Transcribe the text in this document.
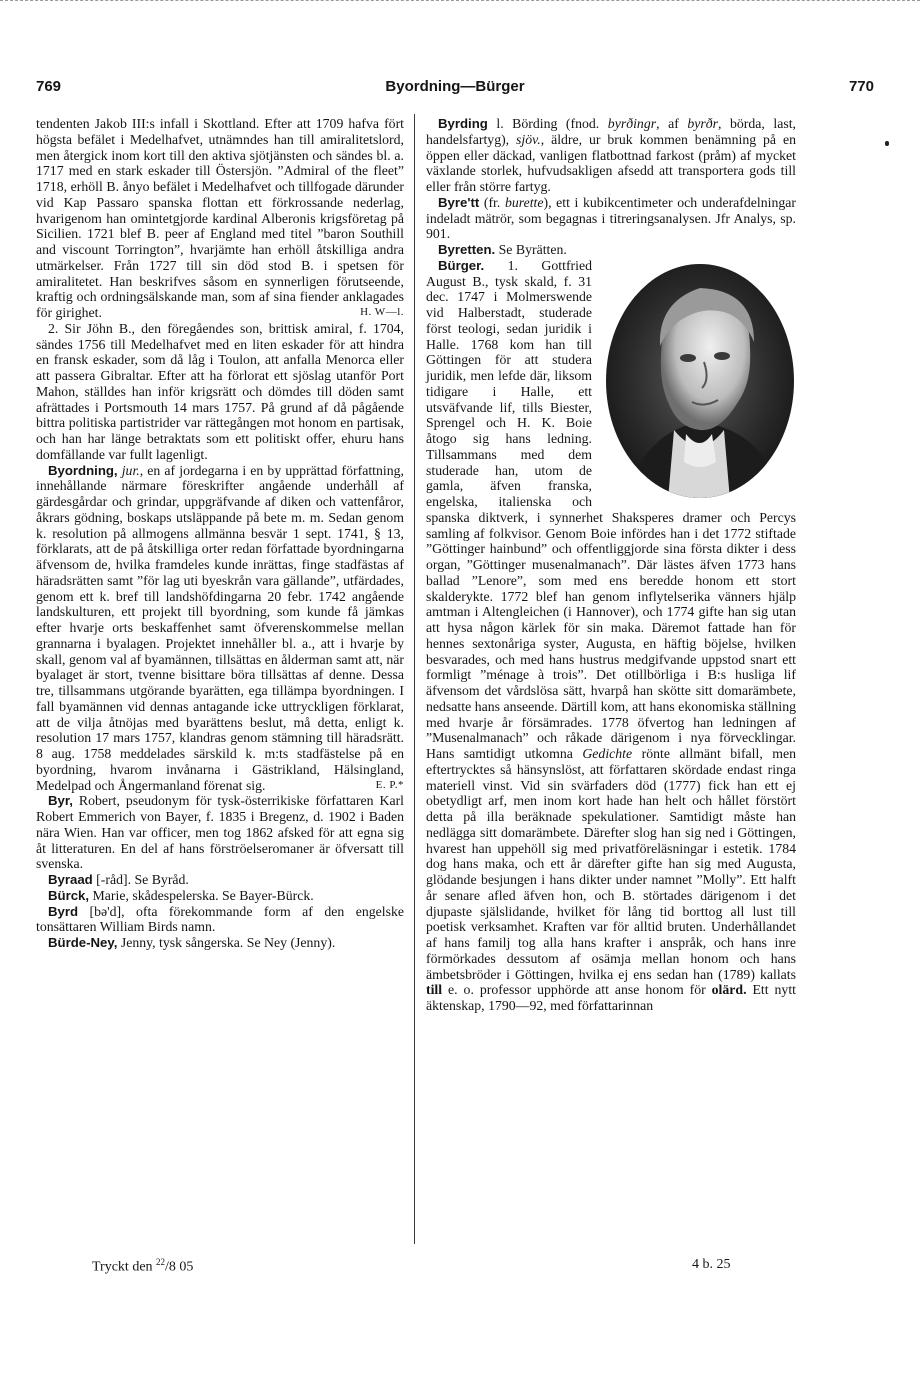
769	Byordning—Bürger	770

tendenten Jakob III:s infall i Skottland. Efter att 1709 hafva fört högsta befälet i Medelhafvet, utnämndes han till amiralitetslord, men återgick inom kort till den aktiva sjötjänsten och sändes bl. a. 1717 med en stark eskader till Östersjön. ”Admiral of the fleet” 1718, erhöll B. ånyo befälet i Medelhafvet och tillfogade därunder vid Kap Passaro spanska flottan ett förkrossande nederlag, hvarigenom han omintetgjorde kardinal Alberonis krigsföretag på Sicilien. 1721 blef B. peer af England med titel ”baron Southill and viscount Torrington”, hvarjämte han erhöll åtskilliga andra utmärkelser. Från 1727 till sin död stod B. i spetsen för amiralitetet. Han beskrifves såsom en synnerligen förutseende, kraftig och ordningsälskande man, som af sina fiender anklagades för girighet.	H. W—l.

2. Sir Jöhn B., den föregåendes son, brittisk amiral, f. 1704, sändes 1756 till Medelhafvet med en liten eskader för att hindra en fransk eskader, som då låg i Toulon, att anfalla Menorca eller att passera Gibraltar. Efter att ha förlorat ett sjöslag utanför Port Mahon, ställdes han inför krigsrätt och dömdes till döden samt afrättades i Portsmouth 14 mars 1757. På grund af då pågående bittra politiska partistrider var rättegången mot honom en partisak, och han har länge betraktats som ett politiskt offer, ehuru hans domfällande var fullt lagenligt.

Byordning, jur., en af jordegarna i en by upprättad författning, innehållande närmare föreskrifter angående underhåll af gärdesgårdar och grindar, uppgräfvande af diken och vattenfåror, åkrars gödning, boskaps utsläppande på bete m. m. Sedan genom k. resolution på allmogens allmänna besvär 1 sept. 1741, § 13, förklarats, att de på åtskilliga orter redan författade byordningarna äfvensom de, hvilka framdeles kunde inrättas, finge stadfästas af häradsrätten samt ”för lag uti byeskrån vara gällande”, utfärdades, genom ett k. bref till landshöfdingarna 20 febr. 1742 angående landskulturen, ett projekt till byordning, som kunde få jämkas efter hvarje orts beskaffenhet samt öfverenskommelse mellan grannarna i byalagen. Projektet innehåller bl. a., att i hvarje by skall, genom val af byamännen, tillsättas en ålderman samt att, när byalaget är stort, tvenne bisittare böra tillsättas af denne. Dessa tre, tillsammans utgörande byarätten, ega tillämpa byordningen. I fall byamännen vid dennas antagande icke uttryckligen förklarat, att de vilja åtnöjas med byarättens beslut, må detta, enligt k. resolution 17 mars 1757, klandras genom stämning till häradsrätt. 8 aug. 1758 meddelades särskild k. m:ts stadfästelse på en byordning, hvarom invånarna i Gästrikland, Hälsingland, Medelpad och Ångermanland förenat sig.	E. P.*

Byr, Robert, pseudonym för tysk-österrikiske författaren Karl Robert Emmerich von Bayer, f. 1835 i Bregenz, d. 1902 i Baden nära Wien. Han var officer, men tog 1862 afsked för att egna sig åt litteraturen. En del af hans förströelseromaner är öfversatt till svenska.

Byraad [-råd]. Se Byråd.

Bürck, Marie, skådespelerska. Se Bayer-Bürck.

Byrd [bə'd], ofta förekommande form af den engelske tonsättaren William Birds namn.

Bürde-Ney, Jenny, tysk sångerska. Se Ney (Jenny).

Byrding l. Börding (fnod. byrðingr, af byrðr, börda, last, handelsfartyg), sjöv., äldre, ur bruk kommen benämning på en öppen eller däckad, vanligen flatbottnad farkost (pråm) af mycket växlande storlek, hufvudsakligen afsedd att transportera gods till eller från större fartyg.

Byre'tt (fr. burette), ett i kubikcentimeter och underafdelningar indeladt mätrör, som begagnas i titreringsanalysen. Jfr Analys, sp. 901.

Byretten. Se Byrätten.

Bürger. 1. Gottfried August B., tysk skald, f. 31 dec. 1747 i Molmerswende vid Halberstadt, studerade först teologi, sedan juridik i Halle. 1768 kom han till Göttingen för att studera juridik, men lefde där, liksom tidigare i Halle, ett utsväfvande lif, tills Biester, Sprengel och H. K. Boie åtogo sig hans ledning. Tillsammans med dem studerade han, utom de gamla, äfven franska, engelska, italienska och spanska diktverk, i synnerhet Shaksperes dramer och Percys samling af folkvisor. Genom Boie infördes han i det 1772 stiftade ”Göttinger hainbund” och offentliggjorde sina första dikter i dess organ, ”Göttinger musenalmanach”. Där lästes äfven 1773 hans ballad ”Lenore”, som med ens beredde honom ett stort skalderykte. 1772 blef han genom inflytelserika vänners hjälp amtman i Altengleichen (i Hannover), och 1774 gifte han sig utan att hysa någon kärlek för sin maka. Däremot fattade han för hennes sextonåriga syster, Augusta, en häftig böjelse, hvilken besvarades, och med hans hustrus medgifvande uppstod snart ett formligt ”ménage à trois”. Det otillbörliga i B:s husliga lif äfvensom det vårdslösa sätt, hvarpå han skötte sitt domarämbete, nedsatte hans anseende. Därtill kom, att hans ekonomiska ställning med hvarje år försämrades. 1778 öfvertog han ledningen af ”Musenalmanach” och råkade därigenom i nya förvecklingar. Hans samtidigt utkomna Gedichte rönte allmänt bifall, men eftertrycktes så hänsynslöst, att författaren skördade endast ringa materiell vinst. Vid sin svärfaders död (1777) fick han ett ej obetydligt arf, men inom kort hade han helt och hållet förstört detta på illa beräknade spekulationer. Samtidigt måste han nedlägga sitt domarämbete. Därefter slog han sig ned i Göttingen, hvarest han uppehöll sig med privatföreläsningar i estetik. 1784 dog hans maka, och ett år därefter gifte han sig med Augusta, glödande besjungen i hans dikter under namnet ”Molly”. Ett halft år senare afled äfven hon, och B. störtades därigenom i det djupaste själslidande, hvilket för lång tid borttog all lust till poetisk verksamhet. Kraften var för alltid bruten. Underhållandet af hans familj tog alla hans krafter i anspråk, och hans inre förmörkades dessutom af osämja mellan honom och hans ämbetsbröder i Göttingen, hvilka ej ens sedan han (1789) kallats till e. o. professor upphörde att anse honom för olärd. Ett nytt äktenskap, 1790—92, med författarinnan

Tryckt den $^{22}$/8 05	4 b. 25
